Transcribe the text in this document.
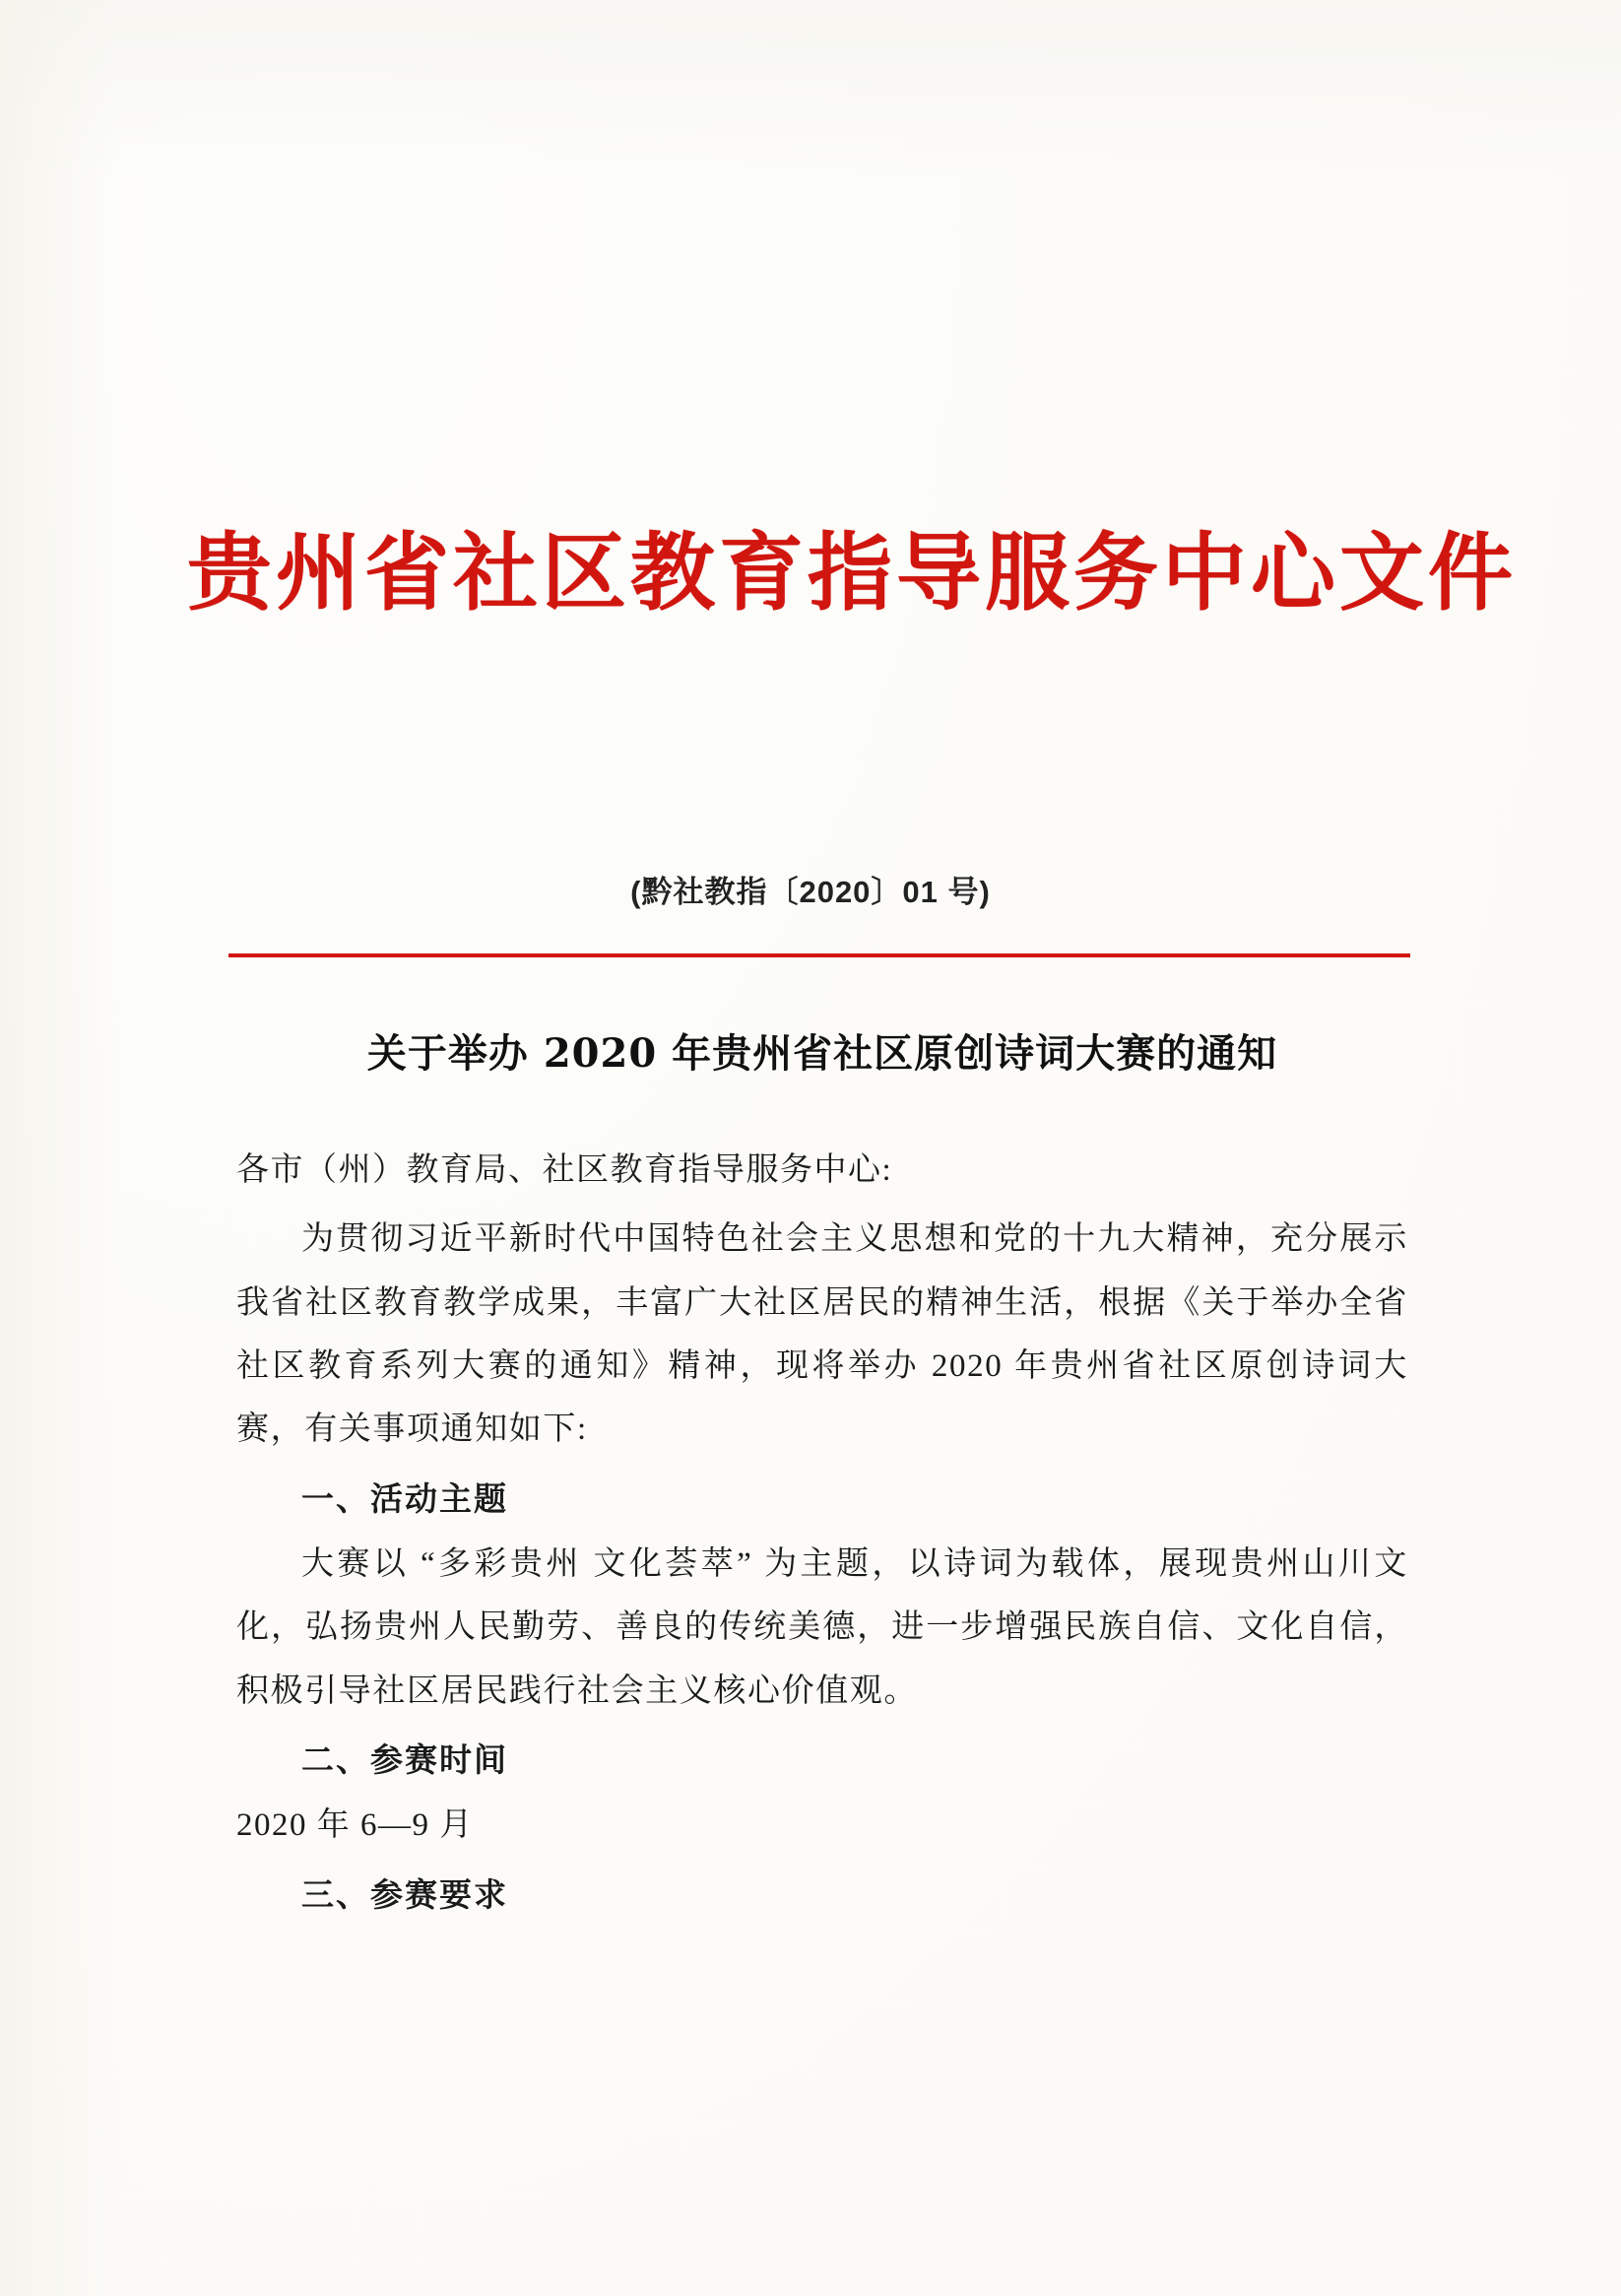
贵州省社区教育指导服务中心文件
(黔社教指〔2020〕01 号)
关于举办 2020 年贵州省社区原创诗词大赛的通知

各市（州）教育局、社区教育指导服务中心:

为贯彻习近平新时代中国特色社会主义思想和党的十九大精神，充分展示我省社区教育教学成果，丰富广大社区居民的精神生活，根据《关于举办全省社区教育系列大赛的通知》精神，现将举办 2020 年贵州省社区原创诗词大赛，有关事项通知如下:

一、活动主题

大赛以 “多彩贵州 文化荟萃” 为主题，以诗词为载体，展现贵州山川文化，弘扬贵州人民勤劳、善良的传统美德，进一步增强民族自信、文化自信，积极引导社区居民践行社会主义核心价值观。

二、参赛时间

2020 年 6—9 月

三、参赛要求
